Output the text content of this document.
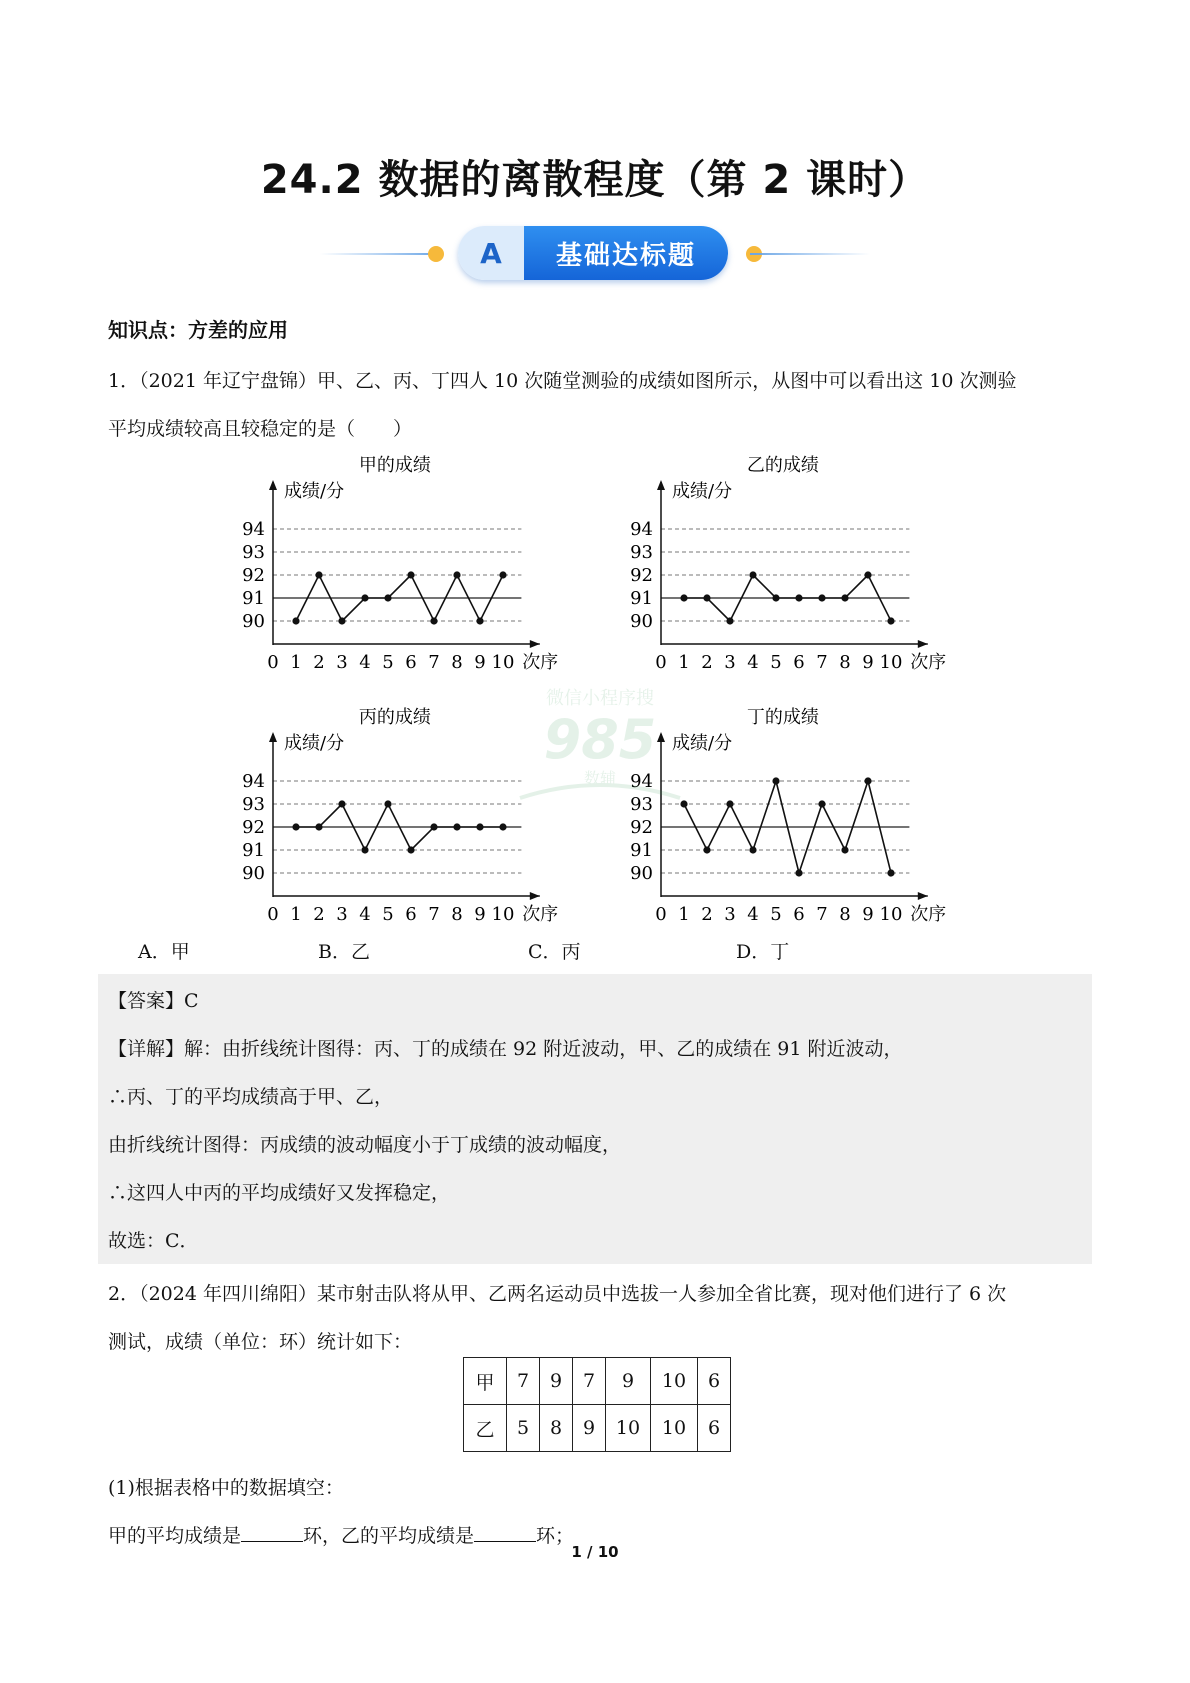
24.2 数据的离散程度（第 2 课时）
A	基础达标题
知识点：方差的应用
1．（2021 年辽宁盘锦）甲、乙、丙、丁四人 10 次随堂测验的成绩如图所示，从图中可以看出这 10 次测验
平均成绩较高且较稳定的是（　　）
甲的成绩
成绩/分
90
91
92
93
94
0 1 2 3 4 5 6 7 8 9 10 次序
乙的成绩
成绩/分
90
91
92
93
94
0 1 2 3 4 5 6 7 8 9 10 次序
丙的成绩
成绩/分
90
91
92
93
94
0 1 2 3 4 5 6 7 8 9 10 次序
丁的成绩
成绩/分
90
91
92
93
94
0 1 2 3 4 5 6 7 8 9 10 次序
微信小程序搜
985
数辅
A．甲	B．乙	C．丙	D．丁
【答案】C
【详解】解：由折线统计图得：丙、丁的成绩在 92 附近波动，甲、乙的成绩在 91 附近波动，
∴丙、丁的平均成绩高于甲、乙，
由折线统计图得：丙成绩的波动幅度小于丁成绩的波动幅度，
∴这四人中丙的平均成绩好又发挥稳定，
故选：C．
2．（2024 年四川绵阳）某市射击队将从甲、乙两名运动员中选拔一人参加全省比赛，现对他们进行了 6 次
测试，成绩（单位：环）统计如下：
甲	7	9	7	9	10	6
乙	5	8	9	10	10	6
(1)根据表格中的数据填空：
甲的平均成绩是	环，乙的平均成绩是	环；
1 / 10
